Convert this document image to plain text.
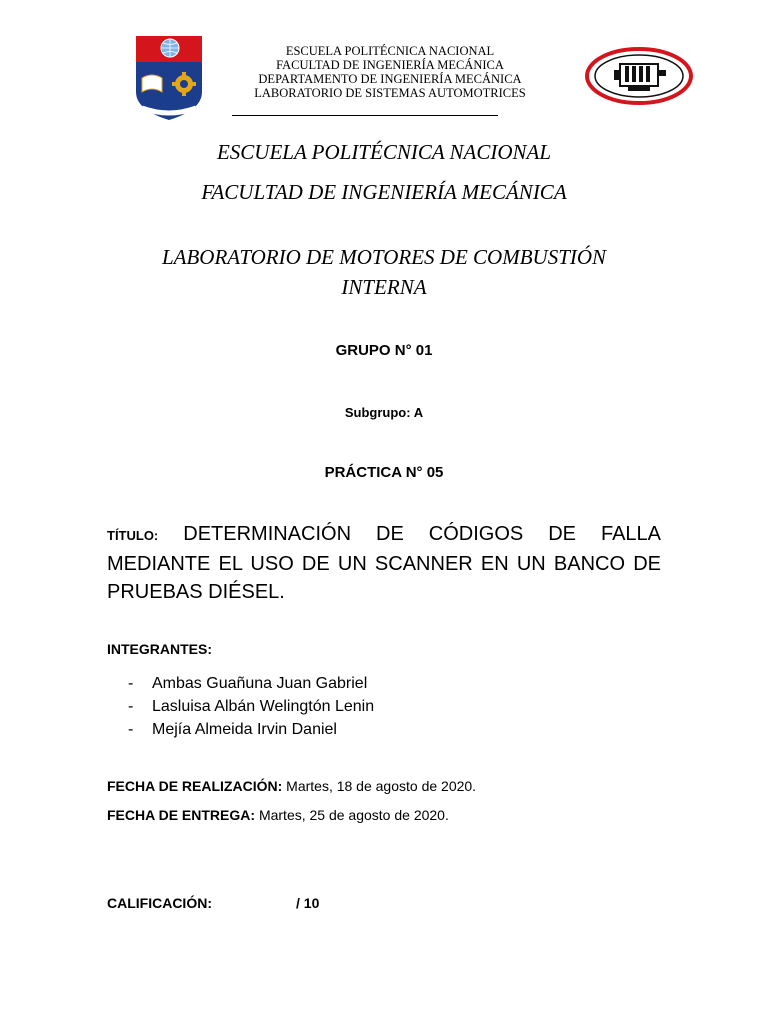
ESCUELA POLITÉCNICA NACIONAL
FACULTAD DE INGENIERÍA MECÁNICA
DEPARTAMENTO DE INGENIERÍA MECÁNICA
LABORATORIO DE SISTEMAS AUTOMOTRICES
ESCUELA POLITÉCNICA NACIONAL
FACULTAD DE INGENIERÍA MECÁNICA
LABORATORIO DE MOTORES DE COMBUSTIÓN
INTERNA
GRUPO N° 01
Subgrupo: A
PRÁCTICA N° 05
TÍTULO: DETERMINACIÓN DE CÓDIGOS DE FALLA MEDIANTE EL USO DE UN SCANNER EN UN BANCO DE PRUEBAS DIÉSEL.
INTEGRANTES:
-	Ambas Guañuna Juan Gabriel
-	Lasluisa Albán Welingtón Lenin
-	Mejía Almeida Irvin Daniel
FECHA DE REALIZACIÓN: Martes, 18 de agosto de 2020.
FECHA DE ENTREGA: Martes, 25 de agosto de 2020.
CALIFICACIÓN:	/ 10
